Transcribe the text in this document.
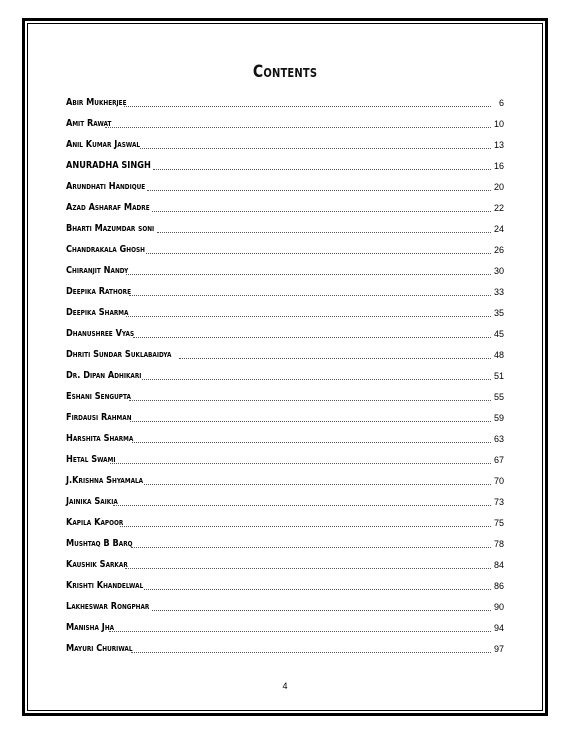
Contents
Abir Mukherjee	6
Amit Rawat	10
Anil Kumar Jaswal	13
ANURADHA SINGH	16
Arundhati Handique	20
Azad Asharaf Madre	22
Bharti Mazumdar soni	24
Chandrakala Ghosh	26
Chiranjit Nandy	30
Deepika Rathore	33
Deepika Sharma	35
Dhanushree Vyas	45
Dhriti Sundar Suklabaidya	48
Dr. Dipan Adhikari	51
Eshani Sengupta	55
Firdausi Rahman	59
Harshita Sharma	63
Hetal Swami	67
J.Krishna Shyamala	70
Jainika Saikia	73
Kapila Kapoor	75
Mushtaq B Barq	78
Kaushik Sarkar	84
Krishti Khandelwal	86
Lakheswar Rongphar	90
Manisha Jha	94
Mayuri Churiwal	97
4
